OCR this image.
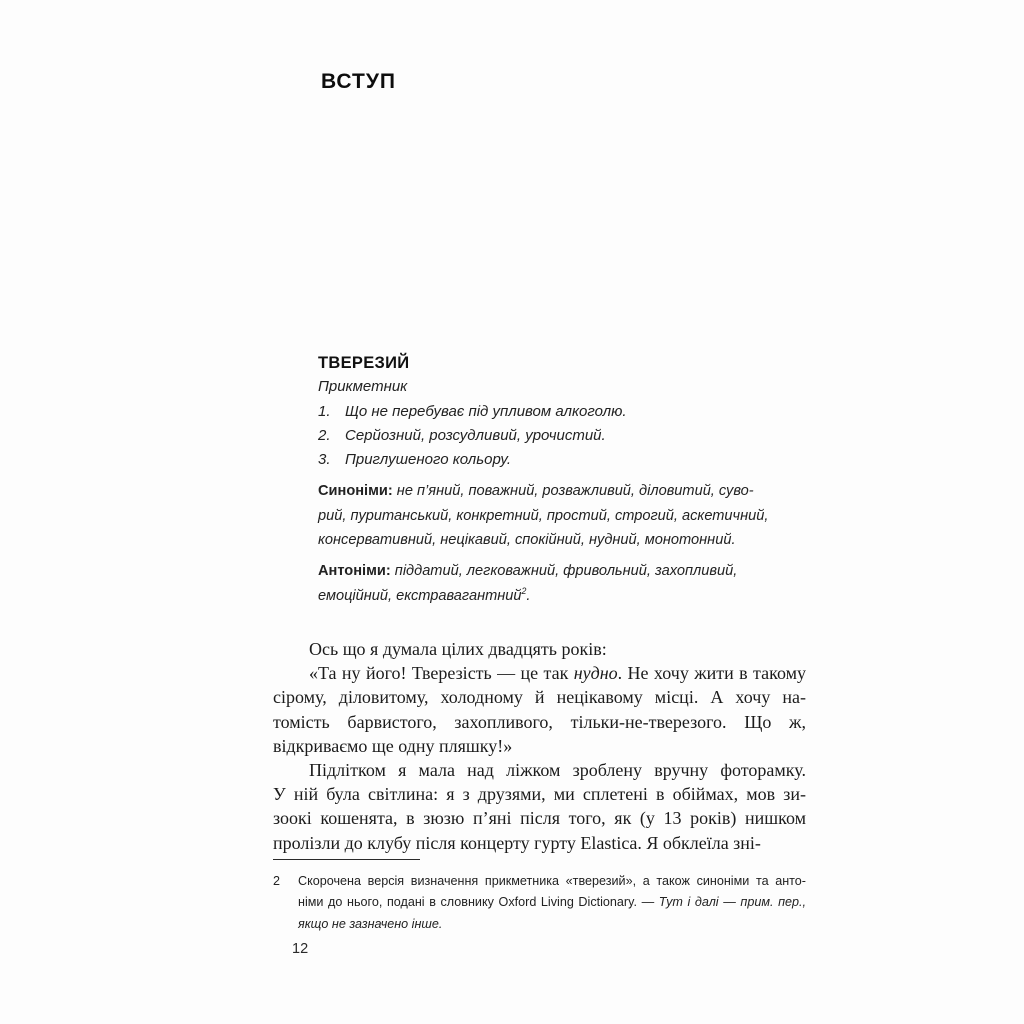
ВСТУП
ТВЕРЕЗИЙ
Прикметник
1. Що не перебуває під упливом алкоголю.
2. Серйозний, розсудливий, урочистий.
3. Приглушеного кольору.
Синоніми: не п’яний, поважний, розважливий, діловитий, суво-
рий, пуританський, конкретний, простий, строгий, аскетичний,
консервативний, нецікавий, спокійний, нудний, монотонний.
Антоніми: піддатий, легковажний, фривольний, захопливий,
емоційний, екстравагантний$^2$.
Ось що я думала цілих двадцять років:
«Та ну його! Тверезість — це так нудно. Не хочу жити в такому
сірому, діловитому, холодному й нецікавому місці. А хочу на-
томість барвистого, захопливого, тільки-не-тверезого. Що ж,
відкриваємо ще одну пляшку!»
Підлітком я мала над ліжком зроблену вручну фоторамку.
У ній була світлина: я з друзями, ми сплетені в обіймах, мов зи-
зоокі кошенята, в зюзю п’яні після того, як (у 13 років) нишком
пролізли до клубу після концерту гурту Elastica. Я обклеїла зні-
2	Скорочена версія визначення прикметника «тверезий», а також синоніми та анто-
німи до нього, подані в словнику Oxford Living Dictionary. — Тут і далі — прим. пер.,
якщо не зазначено інше.
12
